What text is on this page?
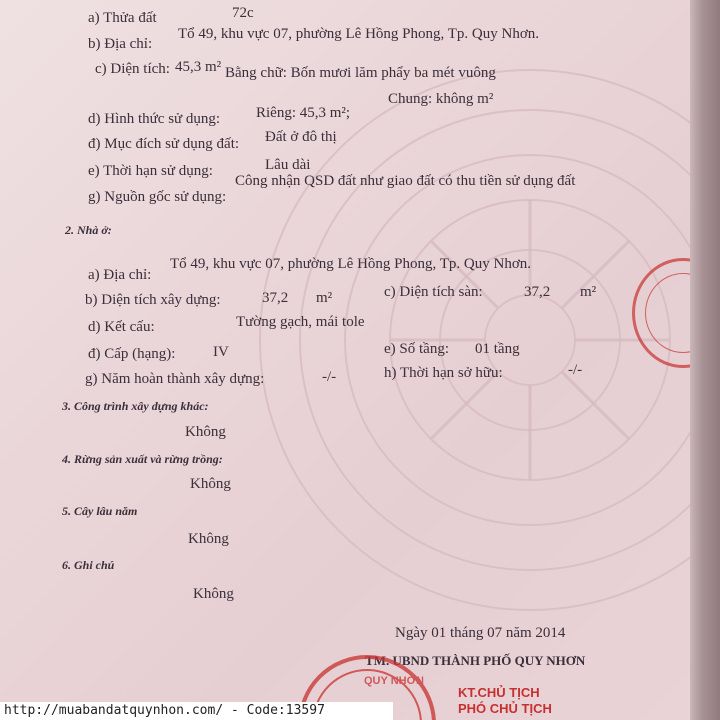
a) Thửa đất	72c
b) Địa chỉ:
Tổ 49, khu vực 07, phường Lê Hồng Phong, Tp. Quy Nhơn.
c) Diện tích: 45,3 m² Bằng chữ: Bốn mươi lăm phẩy ba mét vuông
d) Hình thức sử dụng: Riêng: 45,3 m²;
Chung: không m²
đ) Mục đích sử dụng đất: Đất ở đô thị
e) Thời hạn sử dụng:	Lâu dài
g) Nguồn gốc sử dụng:
Công nhận QSD đất như giao đất có thu tiền sử dụng đất
2. Nhà ở:
a) Địa chỉ:
Tổ 49, khu vực 07, phường Lê Hồng Phong, Tp. Quy Nhơn.
b) Diện tích xây dựng:	37,2 m²	c) Diện tích sàn:	37,2 m²
d) Kết cấu:	Tường gạch, mái tole
đ) Cấp (hạng):	IV	e) Số tầng: 01 tầng
g) Năm hoàn thành xây dựng:	-/-	h) Thời hạn sở hữu:	-/-
3. Công trình xây dựng khác:
Không
4. Rừng sản xuất và rừng trồng:
Không
5. Cây lâu năm
Không
6. Ghi chú
Không
Ngày 01 tháng 07 năm 2014
TM. UBND THÀNH PHỐ QUY NHƠN
QUY NHƠN
KT.CHỦ TỊCH
PHÓ CHỦ TỊCH
http://muabandatquynhon.com/ - Code:13597
